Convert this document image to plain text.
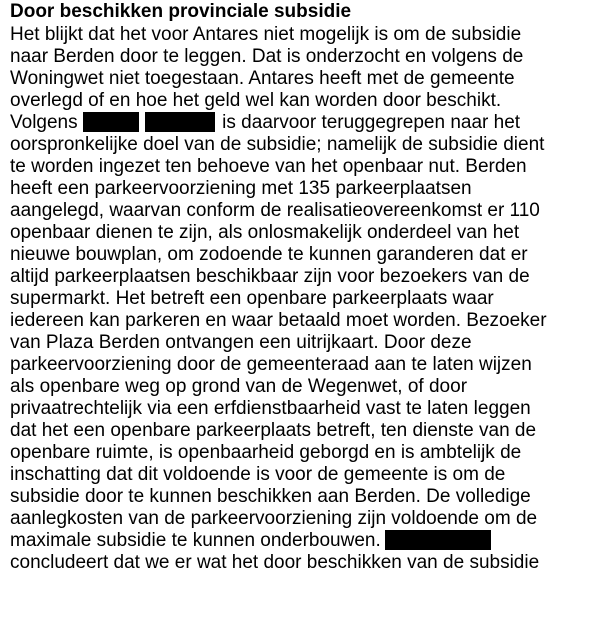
Door beschikken provinciale subsidie
Het blijkt dat het voor Antares niet mogelijk is om de subsidie
naar Berden door te leggen. Dat is onderzocht en volgens de
Woningwet niet toegestaan. Antares heeft met de gemeente
overlegd of en hoe het geld wel kan worden door beschikt.
Volgens	is daarvoor teruggegrepen naar het
oorspronkelijke doel van de subsidie; namelijk de subsidie dient
te worden ingezet ten behoeve van het openbaar nut. Berden
heeft een parkeervoorziening met 135 parkeerplaatsen
aangelegd, waarvan conform de realisatieovereenkomst er 110
openbaar dienen te zijn, als onlosmakelijk onderdeel van het
nieuwe bouwplan, om zodoende te kunnen garanderen dat er
altijd parkeerplaatsen beschikbaar zijn voor bezoekers van de
supermarkt. Het betreft een openbare parkeerplaats waar
iedereen kan parkeren en waar betaald moet worden. Bezoeker
van Plaza Berden ontvangen een uitrijkaart. Door deze
parkeervoorziening door de gemeenteraad aan te laten wijzen
als openbare weg op grond van de Wegenwet, of door
privaatrechtelijk via een erfdienstbaarheid vast te laten leggen
dat het een openbare parkeerplaats betreft, ten dienste van de
openbare ruimte, is openbaarheid geborgd en is ambtelijk de
inschatting dat dit voldoende is voor de gemeente is om de
subsidie door te kunnen beschikken aan Berden. De volledige
aanlegkosten van de parkeervoorziening zijn voldoende om de
maximale subsidie te kunnen onderbouwen.
concludeert dat we er wat het door beschikken van de subsidie
